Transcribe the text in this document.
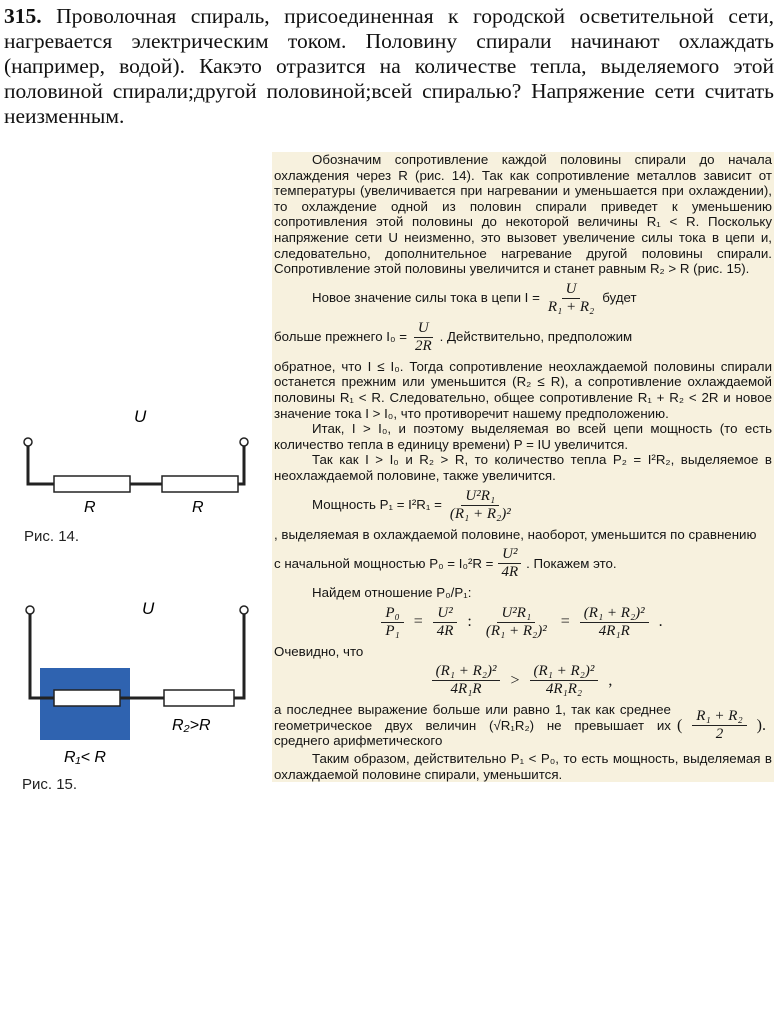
315. Проволочная спираль, присоединенная к городской осветительной сети, нагревается электрическим током. Половину спирали начинают охлаждать (например, водой). Какэто отразится на количестве тепла, выделяемого этой половиной спирали;другой половиной;всей спиралью? Напряжение сети считать неизменным.
U
R	R
Рис. 14.
U
R₁< R
R₂>R
Рис. 15.

Обозначим сопротивление каждой половины спирали до начала охлаждения через R (рис. 14). Так как сопротивление металлов зависит от температуры (увеличивается при нагревании и уменьшается при охлаждении), то охлаждение одной из половин спирали приведет к уменьшению сопротивления этой половины до некоторой величины R₁ < R. Поскольку напряжение сети U неизменно, это вызовет увеличение силы тока в цепи и, следовательно, дополнительное нагревание другой половины спирали. Сопротивление этой половины увеличится и станет равным R₂ > R (рис. 15).

Новое значение силы тока в цепи $I = \frac{U}{\text{R₁ + R₂}}$ будет
больше прежнего $I_0 = \frac{U}{2R}$ . Действительно, предположим

обратное, что I ≤ I₀. Тогда сопротивление неохлаждаемой половины спирали останется прежним или уменьшится (R₂ ≤ R), а сопротивление охлаждаемой половины R₁ < R. Следовательно, общее сопротивление R₁ + R₂ < 2R и новое значение тока I > I₀, что противоречит нашему предположению.

Итак, I > I₀, и поэтому выделяемая во всей цепи мощность (то есть количество тепла в единицу времени) P = IU увеличится.

Так как I > I₀ и R₂ > R, то количество тепла P₂ = I²R₂, выделяемое в неохлаждаемой половине, также увеличится.

Мощность $P_1 = I^2R_1 = \frac{\text{U²R₁}}{\text{(R₁ + R₂)²}}$

, выделяемая в охлаждаемой половине, наоборот, уменьшится по сравнению

с начальной мощностью $P_0 = I_0^2R = \frac{\text{U²}}{4R}$ . Покажем это.

Найдем отношение P₀/P₁:

$\frac{\text{P₀}}{\text{P₁}} = \frac{\text{U²}}{4R}$ : $\frac{\text{U²R₁}}{\text{(R₁ + R₂)²}} = \frac{\text{(R₁ + R₂)²}}{\text{4R₁R}}$ .

Очевидно, что

$\frac{\text{(R₁ + R₂)²}}{\text{4R₁R}} > \frac{\text{(R₁ + R₂)²}}{\text{4R₁R₂}}$ ,

а последнее выражение больше или равно 1, так как среднее геометрическое двух величин (√R₁R₂) не превышает их среднего арифметического

( $\frac{\text{R₁ + R₂}}{2}$ ).

Таким образом, действительно P₁ < P₀, то есть мощность, выделяемая в охлаждаемой половине спирали, уменьшится.
